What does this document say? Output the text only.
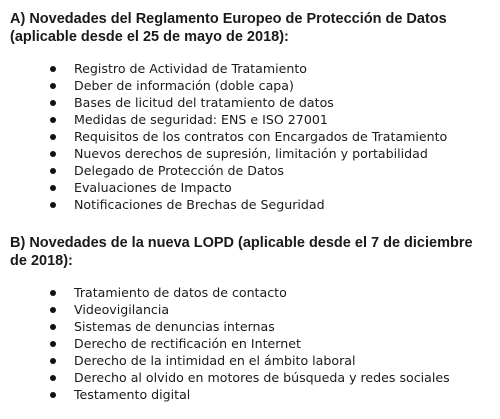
A) Novedades del Reglamento Europeo de Protección de Datos (aplicable desde el 25 de mayo de 2018):
Registro de Actividad de Tratamiento
Deber de información (doble capa)
Bases de licitud del tratamiento de datos
Medidas de seguridad: ENS e ISO 27001
Requisitos de los contratos con Encargados de Tratamiento
Nuevos derechos de supresión, limitación y portabilidad
Delegado de Protección de Datos
Evaluaciones de Impacto
Notificaciones de Brechas de Seguridad
B) Novedades de la nueva LOPD (aplicable desde el 7 de diciembre de 2018):
Tratamiento de datos de contacto
Videovigilancia
Sistemas de denuncias internas
Derecho de rectificación en Internet
Derecho de la intimidad en el ámbito laboral
Derecho al olvido en motores de búsqueda y redes sociales
Testamento digital
